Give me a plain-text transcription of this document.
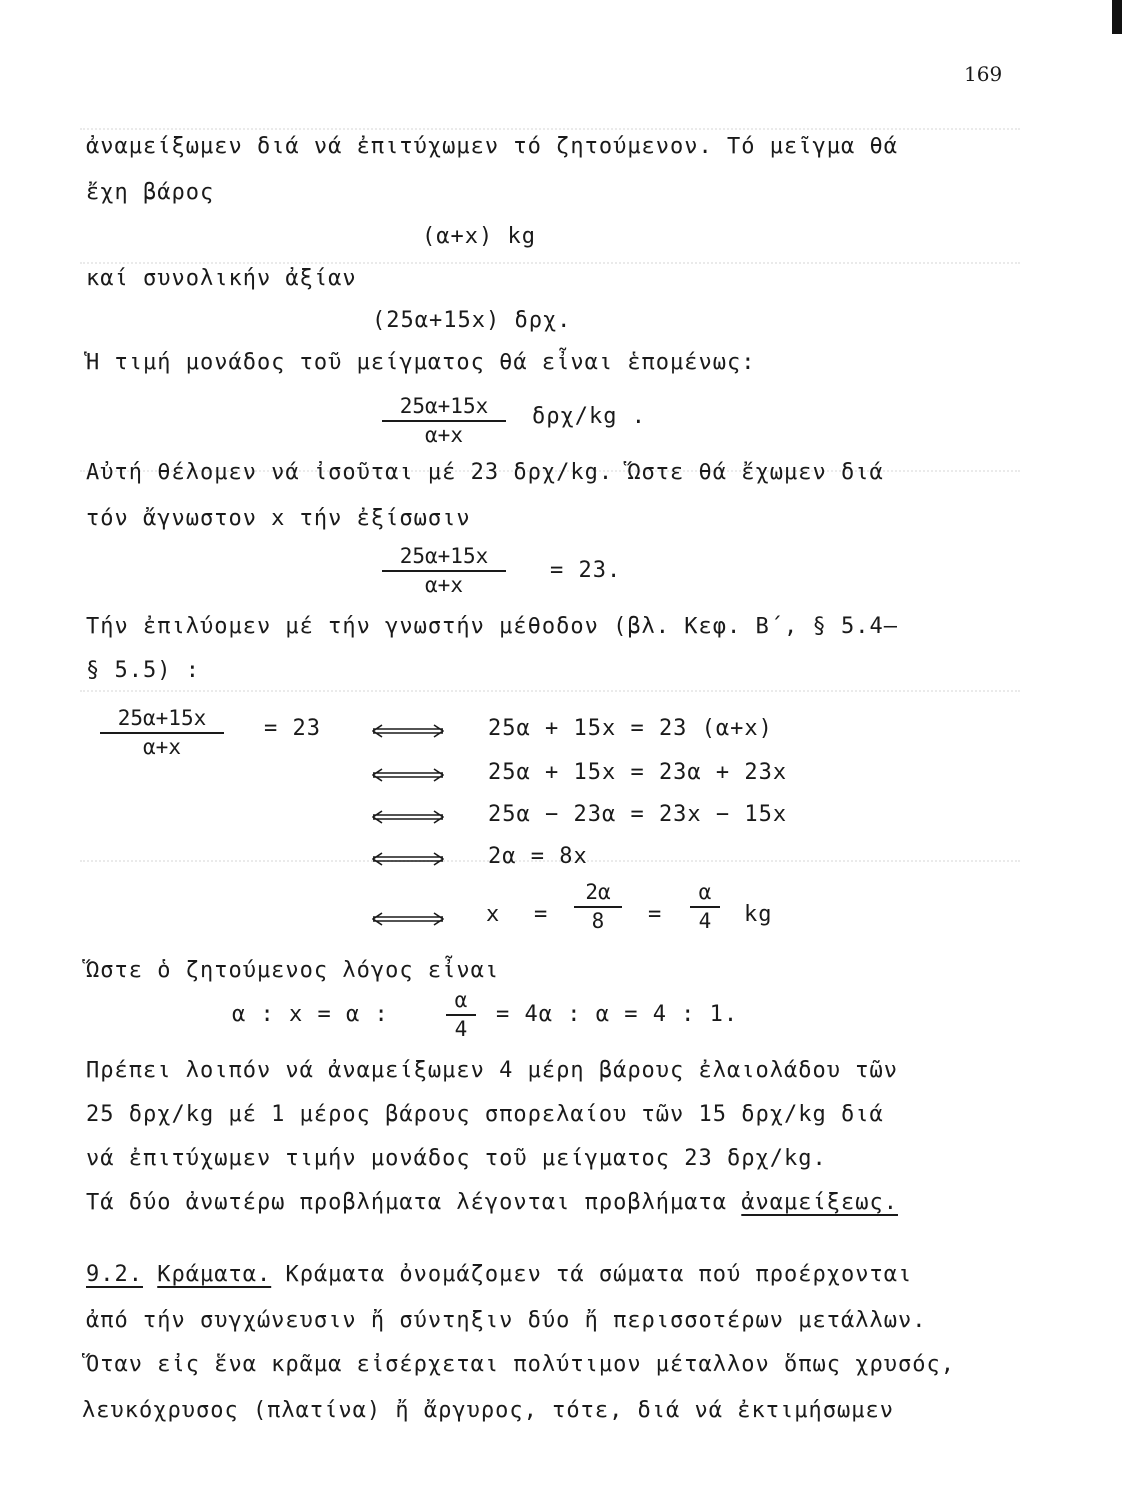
169
ἀναμείξωμεν διά νά ἐπιτύχωμεν τό ζητούμενον. Τό μεῖγμα θά
ἔχη βάρος
(α+x) kg
καί συνολικήν ἀξίαν
(25α+15x) δρχ.
Ἡ τιμή μονάδος τοῦ μείγματος θά εἶναι ἑπομένως:
$\frac{25\alpha+15x}{\alpha+x} \delta\rho\chi/kg$ .
Αὐτή θέλομεν νά ἰσοῦται μέ 23 δρχ/kg. Ὥστε θά ἔχωμεν διά
τόν ἄγνωστον x τήν ἐξίσωσιν
$\frac{25\alpha+15x}{\alpha+x} = 23$.
Τήν ἐπιλύομεν μέ τήν γνωστήν μέθοδον (βλ. Κεφ. Β΄, § 5.4–
§ 5.5) :
$\frac{25\alpha+15x}{\alpha+x} = 23$	25α + 15x = 23 (α+x)
25α + 15x = 23α + 23x
25α − 23α = 23x − 15x
2α = 8x
$x = \frac{2\alpha}{8} = \frac{\alpha}{4}$ kg
Ὥστε ὁ ζητούμενος λόγος εἶναι
α : x = α :	$\frac{\alpha}{4} = 4\alpha$ : α = 4 : 1.
Πρέπει λοιπόν νά ἀναμείξωμεν 4 μέρη βάρους ἐλαιολάδου τῶν
25 δρχ/kg μέ 1 μέρος βάρους σπορελαίου τῶν 15 δρχ/kg διά
νά ἐπιτύχωμεν τιμήν μονάδος τοῦ μείγματος 23 δρχ/kg.
Τά δύο ἀνωτέρω προβλήματα λέγονται προβλήματα ἀναμείξεως.
9.2. Κράματα. Κράματα ὀνομάζομεν τά σώματα πού προέρχονται
ἀπό τήν συγχώνευσιν ἤ σύντηξιν δύο ἤ περισσοτέρων μετάλλων.
Ὅταν εἰς ἕνα κρᾶμα εἰσέρχεται πολύτιμον μέταλλον ὅπως χρυσός,
λευκόχρυσος (πλατίνα) ἤ ἄργυρος, τότε, διά νά ἐκτιμήσωμεν
